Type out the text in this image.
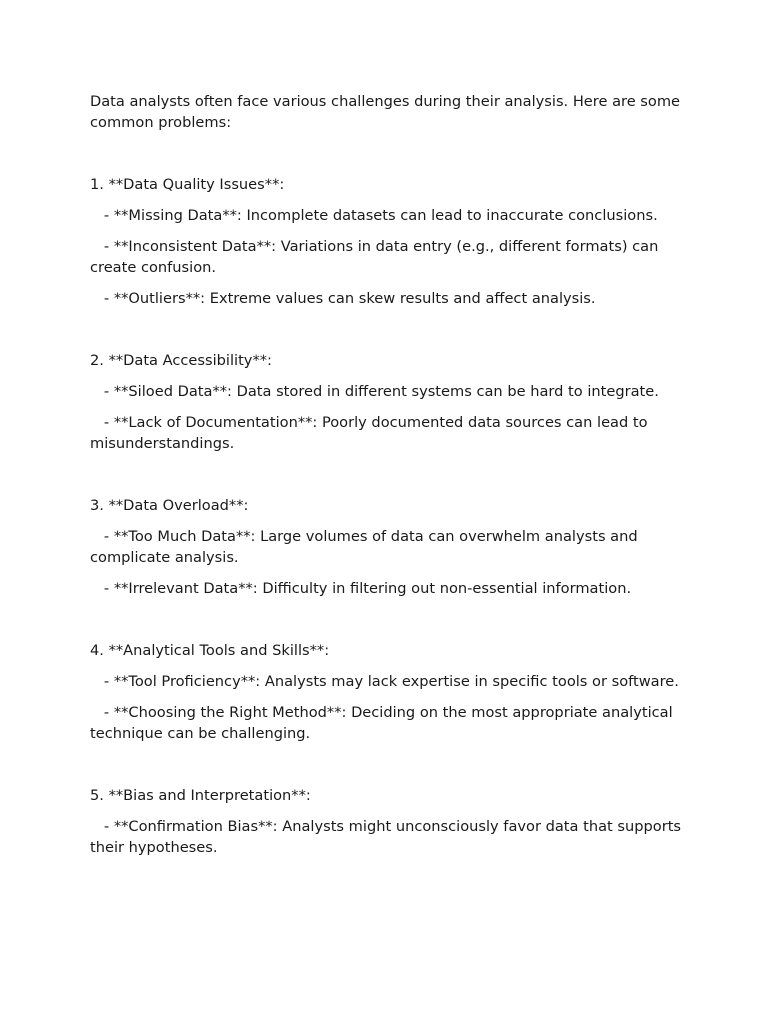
Data analysts often face various challenges during their analysis. Here are some common problems:

1. **Data Quality Issues**:

- **Missing Data**: Incomplete datasets can lead to inaccurate conclusions.

- **Inconsistent Data**: Variations in data entry (e.g., different formats) can create confusion.

- **Outliers**: Extreme values can skew results and affect analysis.

2. **Data Accessibility**:

- **Siloed Data**: Data stored in different systems can be hard to integrate.

- **Lack of Documentation**: Poorly documented data sources can lead to misunderstandings.

3. **Data Overload**:

- **Too Much Data**: Large volumes of data can overwhelm analysts and complicate analysis.

- **Irrelevant Data**: Difficulty in filtering out non-essential information.

4. **Analytical Tools and Skills**:

- **Tool Proficiency**: Analysts may lack expertise in specific tools or software.

- **Choosing the Right Method**: Deciding on the most appropriate analytical technique can be challenging.

5. **Bias and Interpretation**:

- **Confirmation Bias**: Analysts might unconsciously favor data that supports their hypotheses.
